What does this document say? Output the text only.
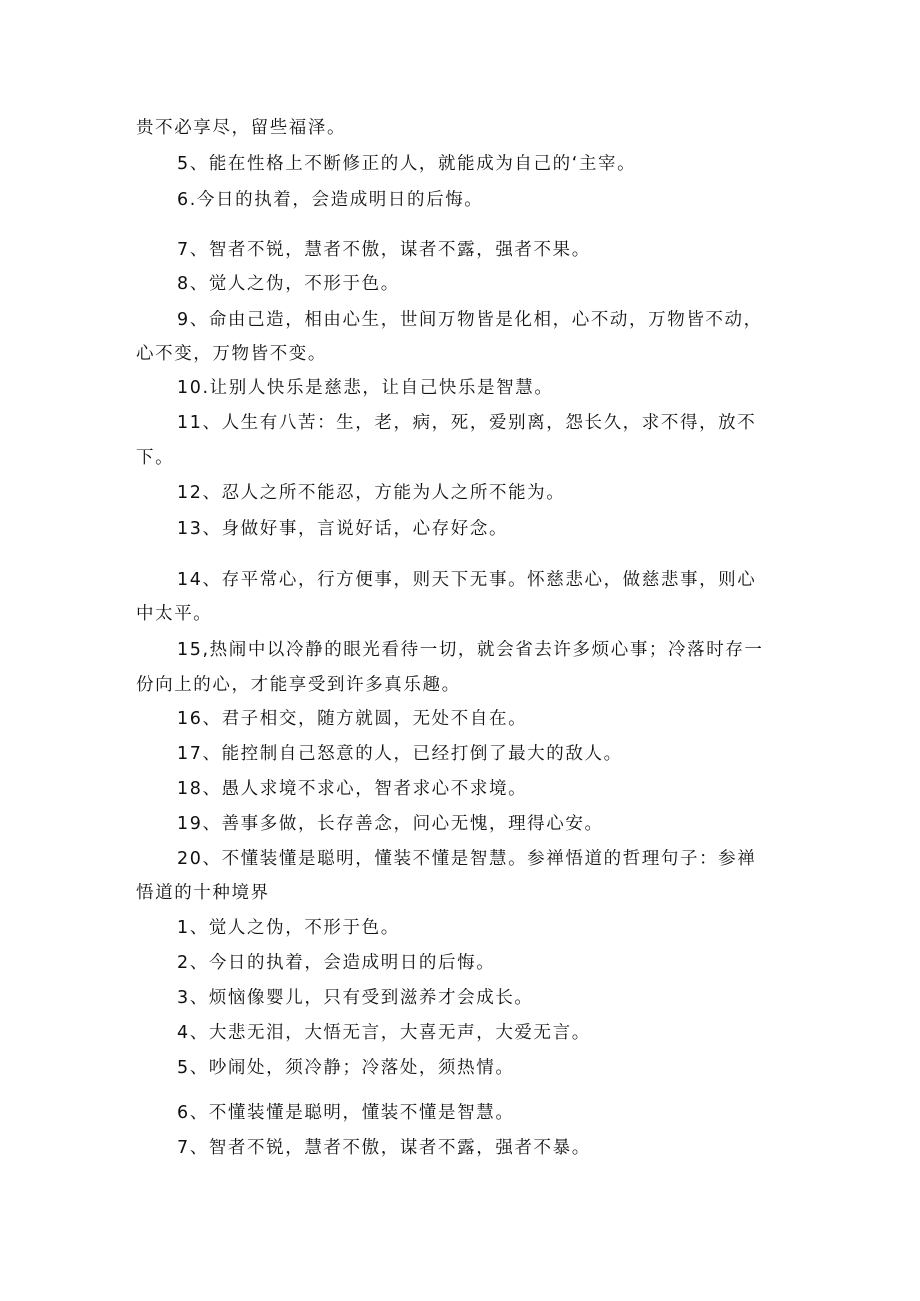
贵不必享尽，留些福泽。
5、能在性格上不断修正的人，就能成为自己的‘主宰。
6.今日的执着，会造成明日的后悔。
7、智者不锐，慧者不傲，谋者不露，强者不果。
8、觉人之伪，不形于色。
9、命由己造，相由心生，世间万物皆是化相，心不动，万物皆不动，
心不变，万物皆不变。
10.让别人快乐是慈悲，让自己快乐是智慧。
11、人生有八苦：生，老，病，死，爱别离，怨长久，求不得，放不
下。
12、忍人之所不能忍，方能为人之所不能为。
13、身做好事，言说好话，心存好念。
14、存平常心，行方便事，则天下无事。怀慈悲心，做慈悲事，则心
中太平。
15,热闹中以冷静的眼光看待一切，就会省去许多烦心事；冷落时存一
份向上的心，才能享受到许多真乐趣。
16、君子相交，随方就圆，无处不自在。
17、能控制自己怒意的人，已经打倒了最大的敌人。
18、愚人求境不求心，智者求心不求境。
19、善事多做，长存善念，问心无愧，理得心安。
20、不懂装懂是聪明，懂装不懂是智慧。参禅悟道的哲理句子：参禅
悟道的十种境界
1、觉人之伪，不形于色。
2、今日的执着，会造成明日的后悔。
3、烦恼像婴儿，只有受到滋养才会成长。
4、大悲无泪，大悟无言，大喜无声，大爱无言。
5、吵闹处，须冷静；冷落处，须热情。
6、不懂装懂是聪明，懂装不懂是智慧。
7、智者不锐，慧者不傲，谋者不露，强者不暴。
